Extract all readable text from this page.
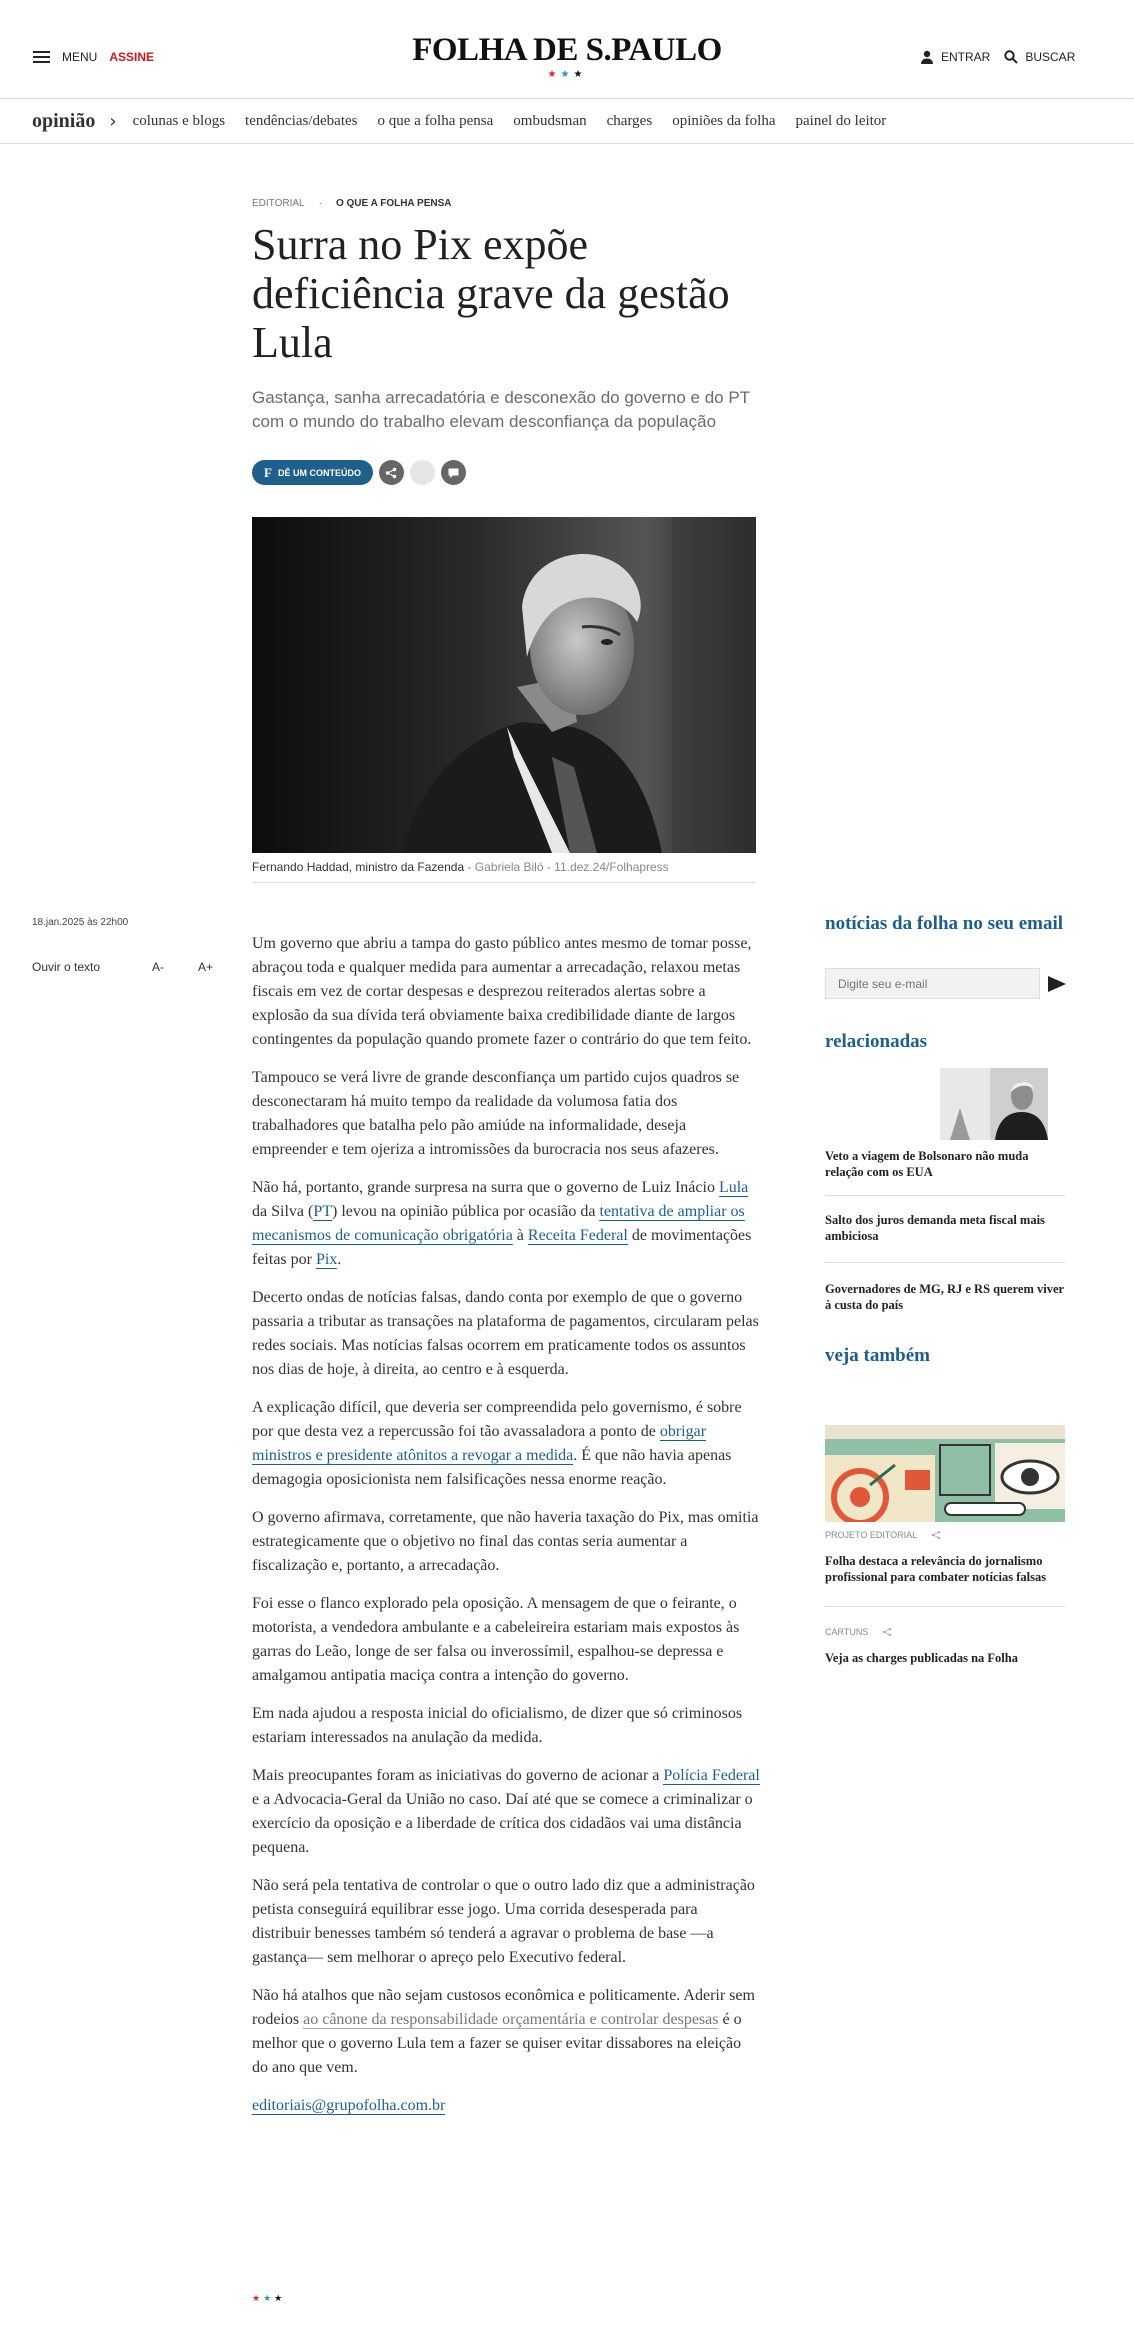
MENU ASSINE	FOLHA DE S.PAULO
★★★
ENTRAR	BUSCAR
opinião › colunas e blogs tendências/debates o que a folha pensa ombudsman charges opiniões da folha painel do leitor
EDITORIAL · O QUE A FOLHA PENSA
Surra no Pix expõe deficiência grave da gestão Lula
Gastança, sanha arrecadatória e desconexão do governo e do PT com o mundo do trabalho elevam desconfiança da população
F DÊ UM CONTEÚDO
Fernando Haddad, ministro da Fazenda - Gabriela Biló - 11.dez.24/Folhapress
18.jan.2025 às 22h00
Ouvir o texto	A-	A+

Um governo que abriu a tampa do gasto público antes mesmo de tomar posse, abraçou toda e qualquer medida para aumentar a arrecadação, relaxou metas fiscais em vez de cortar despesas e desprezou reiterados alertas sobre a explosão da sua dívida terá obviamente baixa credibilidade diante de largos contingentes da população quando promete fazer o contrário do que tem feito.

Tampouco se verá livre de grande desconfiança um partido cujos quadros se desconectaram há muito tempo da realidade da volumosa fatia dos trabalhadores que batalha pelo pão amiúde na informalidade, deseja empreender e tem ojeriza a intromissões da burocracia nos seus afazeres.

Não há, portanto, grande surpresa na surra que o governo de Luiz Inácio Lula da Silva (PT) levou na opinião pública por ocasião da tentativa de ampliar os mecanismos de comunicação obrigatória à Receita Federal de movimentações feitas por Pix.

Decerto ondas de notícias falsas, dando conta por exemplo de que o governo passaria a tributar as transações na plataforma de pagamentos, circularam pelas redes sociais. Mas notícias falsas ocorrem em praticamente todos os assuntos nos dias de hoje, à direita, ao centro e à esquerda.

A explicação difícil, que deveria ser compreendida pelo governismo, é sobre por que desta vez a repercussão foi tão avassaladora a ponto de obrigar ministros e presidente atônitos a revogar a medida. É que não havia apenas demagogia oposicionista nem falsificações nessa enorme reação.

O governo afirmava, corretamente, que não haveria taxação do Pix, mas omitia estrategicamente que o objetivo no final das contas seria aumentar a fiscalização e, portanto, a arrecadação.

Foi esse o flanco explorado pela oposição. A mensagem de que o feirante, o motorista, a vendedora ambulante e a cabeleireira estariam mais expostos às garras do Leão, longe de ser falsa ou inverossímil, espalhou-se depressa e amalgamou antipatia maciça contra a intenção do governo.

Em nada ajudou a resposta inicial do oficialismo, de dizer que só criminosos estariam interessados na anulação da medida.

Mais preocupantes foram as iniciativas do governo de acionar a Polícia Federal e a Advocacia-Geral da União no caso. Daí até que se comece a criminalizar o exercício da oposição e a liberdade de crítica dos cidadãos vai uma distância pequena.

Não será pela tentativa de controlar o que o outro lado diz que a administração petista conseguirá equilibrar esse jogo. Uma corrida desesperada para distribuir benesses também só tenderá a agravar o problema de base —a gastança— sem melhorar o apreço pelo Executivo federal.

Não há atalhos que não sejam custosos econômica e politicamente. Aderir sem rodeios ao cânone da responsabilidade orçamentária e controlar despesas é o melhor que o governo Lula tem a fazer se quiser evitar dissabores na eleição do ano que vem.

editoriais@grupofolha.com.br

★★★
notícias da folha no seu email
Digite seu e-mail
relacionadas
Veto a viagem de Bolsonaro não muda relação com os EUA
Salto dos juros demanda meta fiscal mais ambiciosa
Governadores de MG, RJ e RS querem viver à custa do país
veja também
PROJETO EDITORIAL
Folha destaca a relevância do jornalismo profissional para combater notícias falsas
CARTUNS
Veja as charges publicadas na Folha
